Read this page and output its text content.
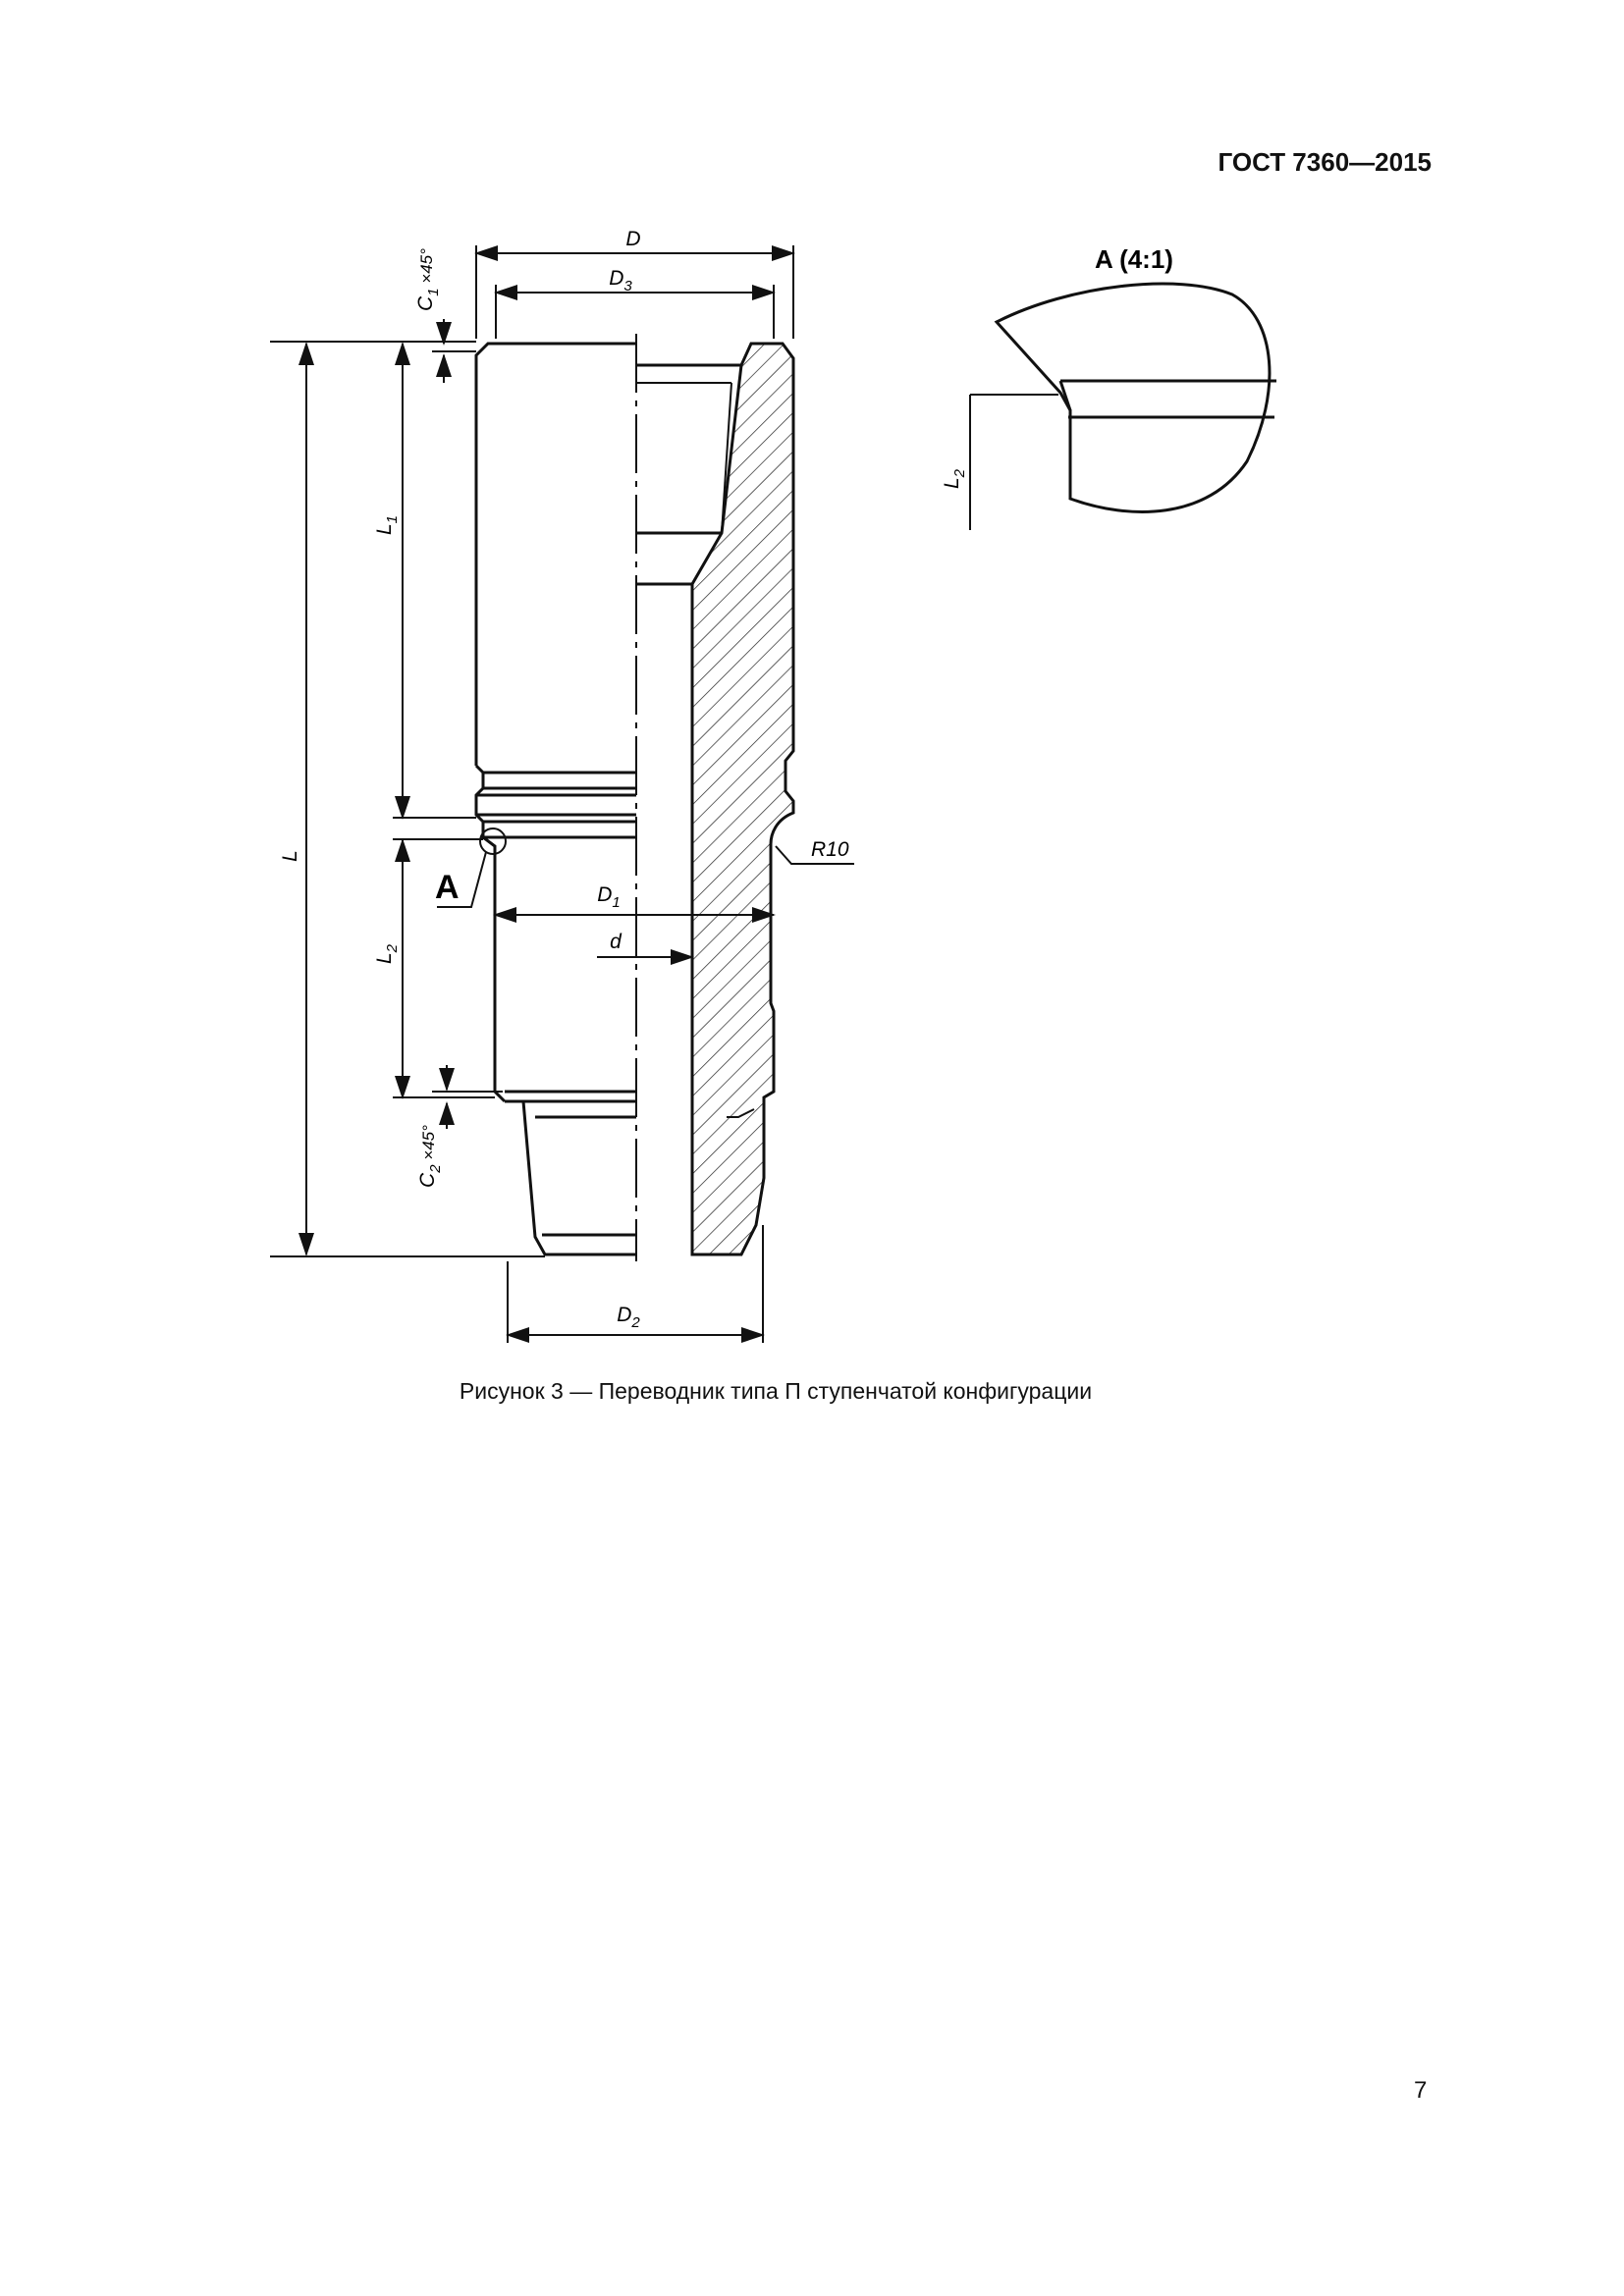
ГОСТ 7360—2015
D
$D_3$
$D_1$
d
$D_2$
R10
L
$L_1$
$L_2$
$C_1$ $^{\times 45^\circ}$
$C_2$ $^{\times 45^\circ}$
A
A (4:1)
$L_2$
Рисунок 3 — Переводник типа П ступенчатой конфигурации
7
